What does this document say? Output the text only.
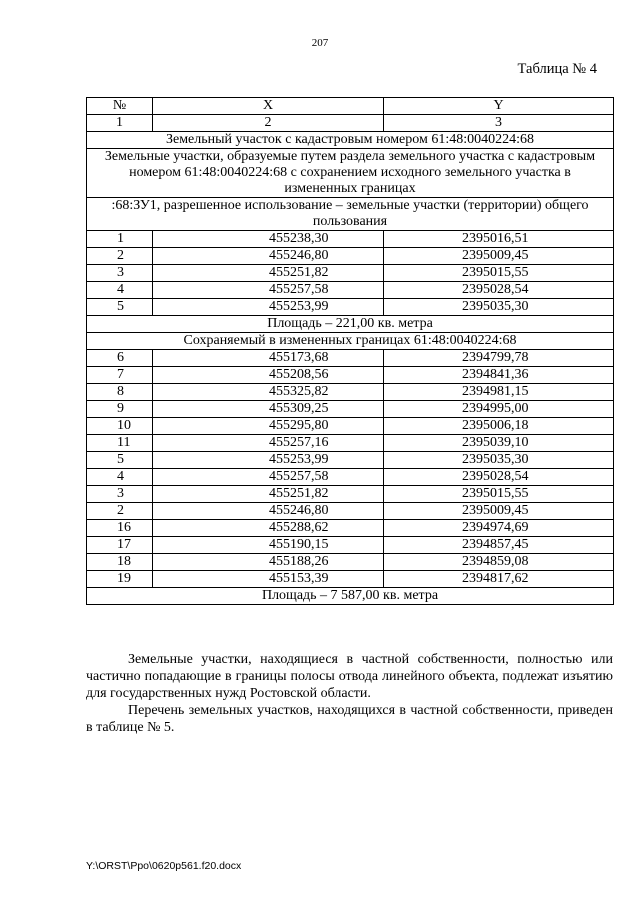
207
Таблица № 4
№	X	Y
1	2	3
Земельный участок с кадастровым номером 61:48:0040224:68		
Земельные участки, образуемые путем раздела земельного участка с кадастровым номером 61:48:0040224:68 с сохранением исходного земельного участка в измененных границах		
:68:ЗУ1, разрешенное использование – земельные участки (территории) общего пользования		
1	455238,30	2395016,51
2	455246,80	2395009,45
3	455251,82	2395015,55
4	455257,58	2395028,54
5	455253,99	2395035,30
Площадь – 221,00 кв. метра		
Сохраняемый в измененных границах 61:48:0040224:68		
6	455173,68	2394799,78
7	455208,56	2394841,36
8	455325,82	2394981,15
9	455309,25	2394995,00
10	455295,80	2395006,18
11	455257,16	2395039,10
5	455253,99	2395035,30
4	455257,58	2395028,54
3	455251,82	2395015,55
2	455246,80	2395009,45
16	455288,62	2394974,69
17	455190,15	2394857,45
18	455188,26	2394859,08
19	455153,39	2394817,62
Площадь – 7 587,00 кв. метра		

Земельные участки, находящиеся в частной собственности, полностью или частично попадающие в границы полосы отвода линейного объекта, подлежат изъятию для государственных нужд Ростовской области.

Перечень земельных участков, находящихся в частной собственности, приведен в таблице № 5.

Y:\ORST\Ppo\0620p561.f20.docx
